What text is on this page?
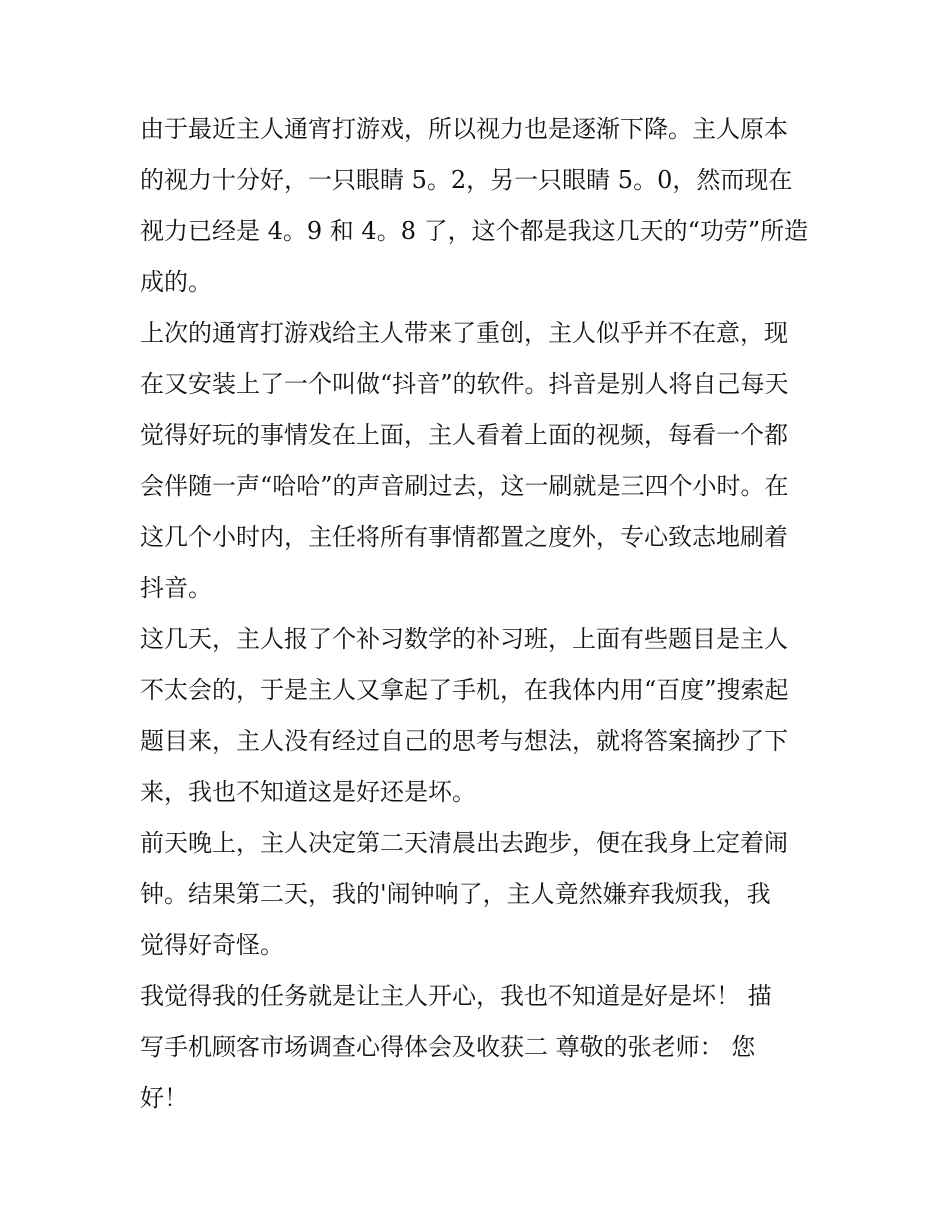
由于最近主人通宵打游戏，所以视力也是逐渐下降。主人原本
的视力十分好，一只眼睛 5。2，另一只眼睛 5。0，然而现在
视力已经是 4。9 和 4。8 了，这个都是我这几天的“功劳”所造
成的。
上次的通宵打游戏给主人带来了重创，主人似乎并不在意，现
在又安装上了一个叫做“抖音”的软件。抖音是别人将自己每天
觉得好玩的事情发在上面，主人看着上面的视频，每看一个都
会伴随一声“哈哈”的声音刷过去，这一刷就是三四个小时。在
这几个小时内，主任将所有事情都置之度外，专心致志地刷着
抖音。
这几天，主人报了个补习数学的补习班，上面有些题目是主人
不太会的，于是主人又拿起了手机，在我体内用“百度”搜索起
题目来，主人没有经过自己的思考与想法，就将答案摘抄了下
来，我也不知道这是好还是坏。
前天晚上，主人决定第二天清晨出去跑步，便在我身上定着闹
钟。结果第二天，我的'闹钟响了，主人竟然嫌弃我烦我，我
觉得好奇怪。
我觉得我的任务就是让主人开心，我也不知道是好是坏！ 描
写手机顾客市场调查心得体会及收获二 尊敬的张老师： 您
好！
